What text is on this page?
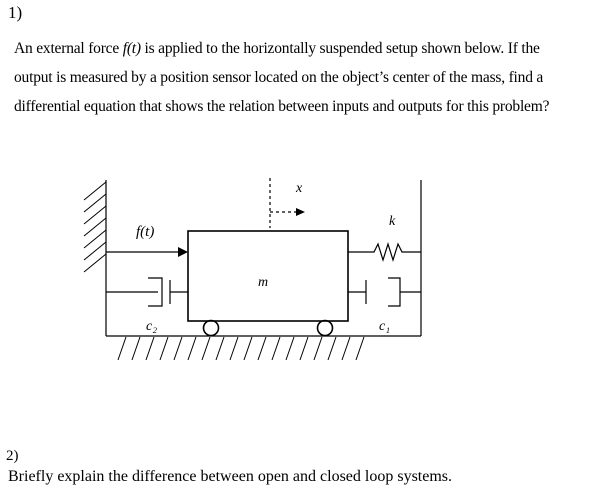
1)
An external force f(t) is applied to the horizontally suspended setup shown below. If the
output is measured by a position sensor located on the object’s center of the mass, find a
differential equation that shows the relation between inputs and outputs for this problem?
f(t)
x
k
m
c₂	c₁
2)
Briefly explain the difference between open and closed loop systems.
